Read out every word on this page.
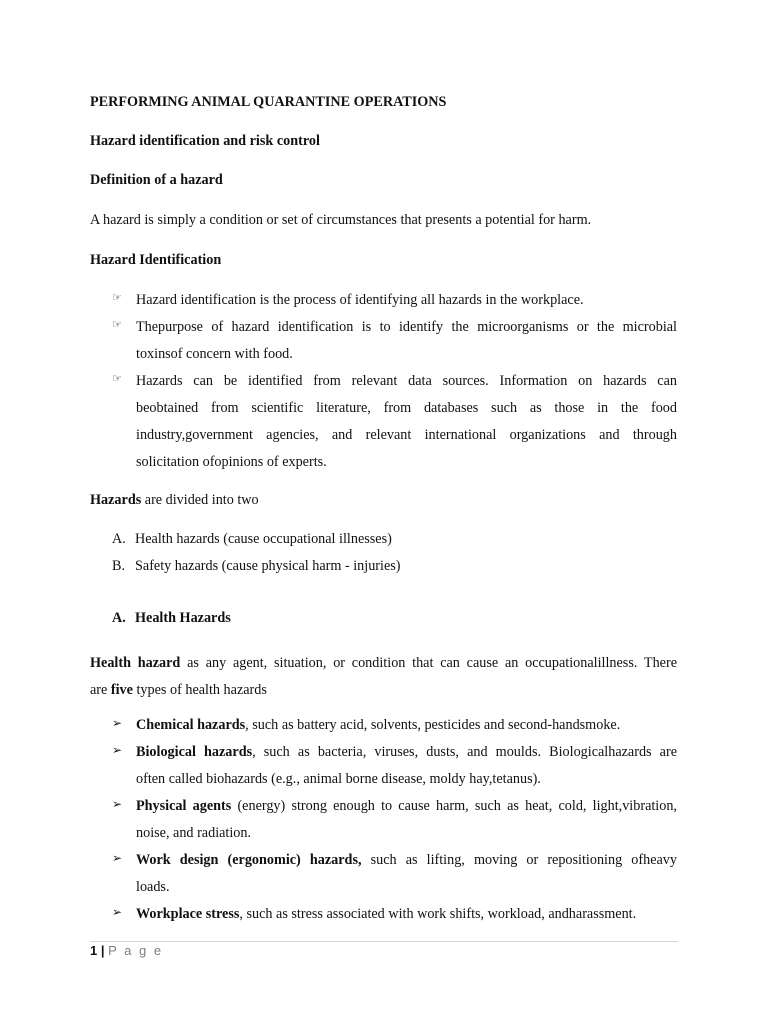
PERFORMING ANIMAL QUARANTINE OPERATIONS
Hazard identification and risk control
Definition of a hazard
A hazard is simply a condition or set of circumstances that presents a potential for harm.
Hazard Identification
☞ Hazard identification is the process of identifying all hazards in the workplace.
☞ Thepurpose of hazard identification is to identify the microorganisms or the microbial
toxinsof concern with food.
☞ Hazards can be identified from relevant data sources. Information on hazards can
beobtained from scientific literature, from databases such as those in the food
industry,government agencies, and relevant international organizations and through
solicitation ofopinions of experts.
Hazards are divided into two
A. Health hazards (cause occupational illnesses)
B. Safety hazards (cause physical harm - injuries)
A. Health Hazards
Health hazard as any agent, situation, or condition that can cause an occupationalillness. There
are five types of health hazards
➢ Chemical hazards, such as battery acid, solvents, pesticides and second-handsmoke.
➢ Biological hazards, such as bacteria, viruses, dusts, and moulds. Biologicalhazards are
often called biohazards (e.g., animal borne disease, moldy hay,tetanus).
➢ Physical agents (energy) strong enough to cause harm, such as heat, cold, light,vibration,
noise, and radiation.
➢ Work design (ergonomic) hazards, such as lifting, moving or repositioning ofheavy
loads.
➢ Workplace stress, such as stress associated with work shifts, workload, andharassment.
1 | P a g e
